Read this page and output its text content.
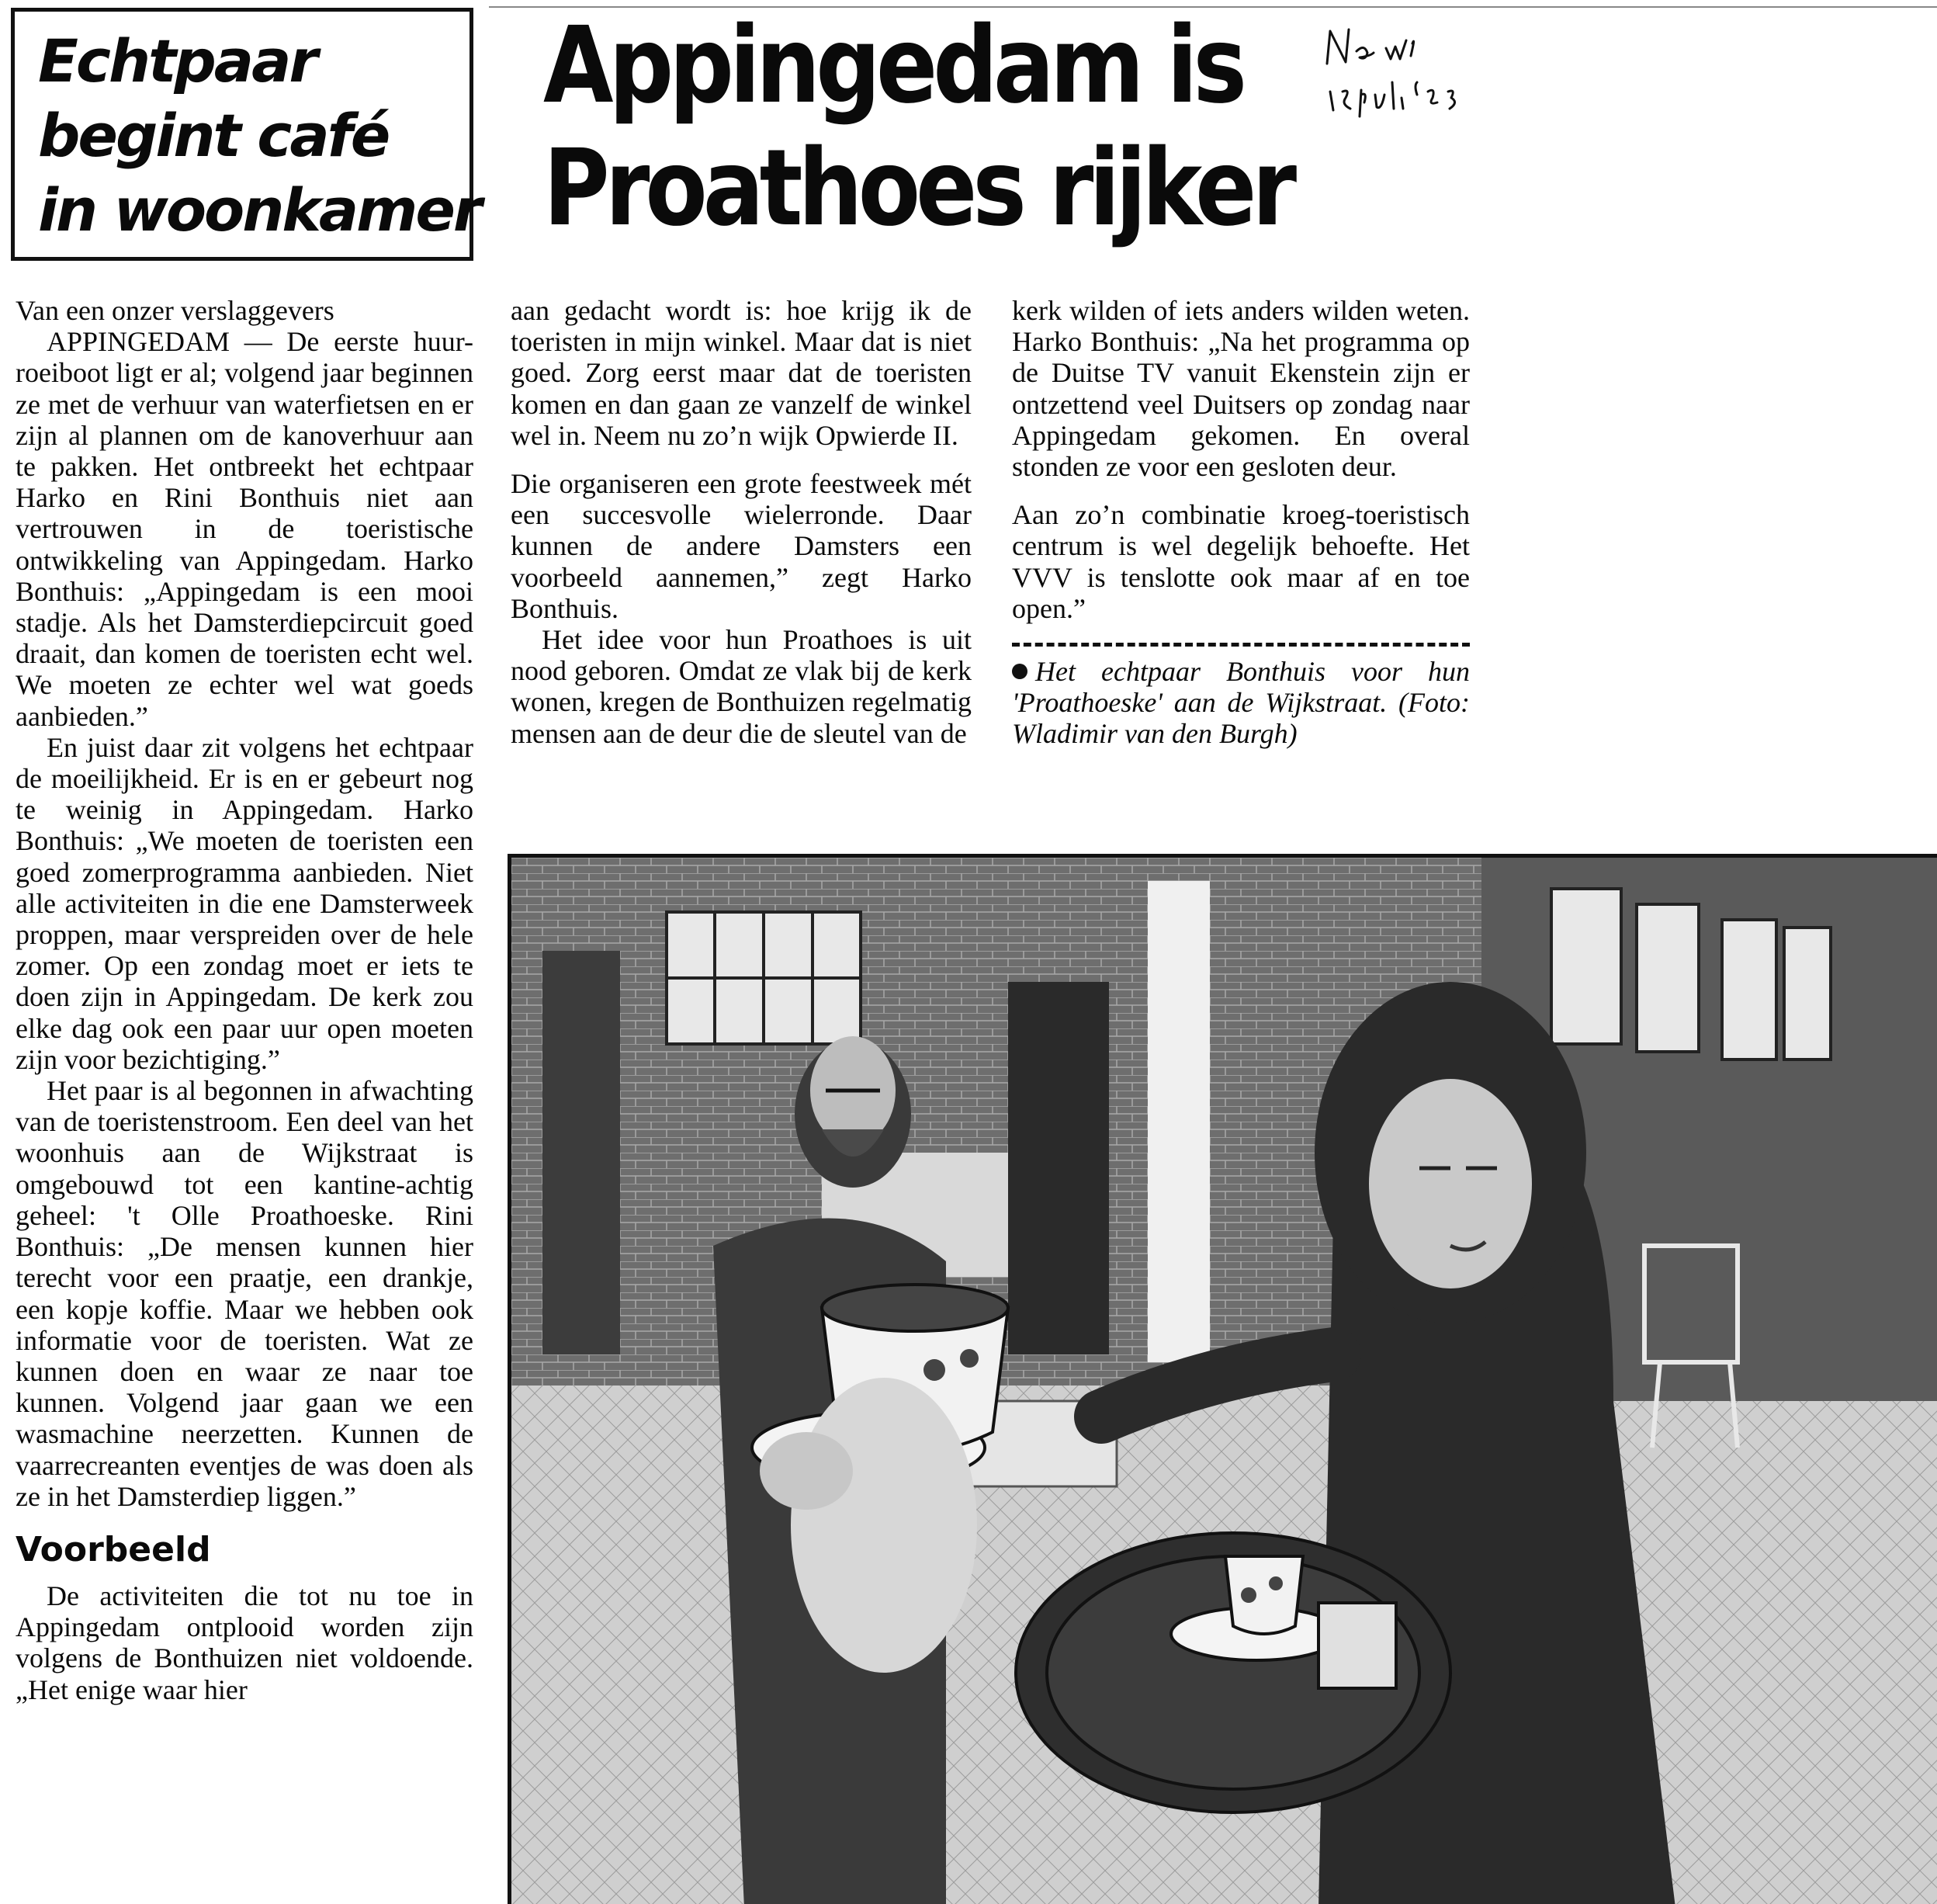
Echtpaar
begint café
in woonkamer
Appingedam is
Proathoes rijker

Van een onzer verslaggevers

APPINGEDAM — De eerste huur-roeiboot ligt er al; volgend jaar beginnen ze met de verhuur van waterfietsen en er zijn al plannen om de kanoverhuur aan te pakken. Het ontbreekt het echtpaar Harko en Rini Bonthuis niet aan vertrouwen in de toeristische ontwikkeling van Appingedam. Harko Bonthuis: „Appingedam is een mooi stadje. Als het Damsterdiepcircuit goed draait, dan komen de toeristen echt wel. We moeten ze echter wel wat goeds aanbieden.”

En juist daar zit volgens het echtpaar de moeilijkheid. Er is en er gebeurt nog te weinig in Appingedam. Harko Bonthuis: „We moeten de toeristen een goed zomerprogramma aanbieden. Niet alle activiteiten in die ene Damsterweek proppen, maar verspreiden over de hele zomer. Op een zondag moet er iets te doen zijn in Appingedam. De kerk zou elke dag ook een paar uur open moeten zijn voor bezichtiging.”

Het paar is al begonnen in afwachting van de toeristenstroom. Een deel van het woonhuis aan de Wijkstraat is omgebouwd tot een kantine-achtig geheel: 't Olle Proathoeske. Rini Bonthuis: „De mensen kunnen hier terecht voor een praatje, een drankje, een kopje koffie. Maar we hebben ook informatie voor de toeristen. Wat ze kunnen doen en waar ze naar toe kunnen. Volgend jaar gaan we een wasmachine neerzetten. Kunnen de vaarrecreanten eventjes de was doen als ze in het Damsterdiep liggen.”

Voorbeeld

De activiteiten die tot nu toe in Appingedam ontplooid worden zijn volgens de Bonthuizen niet voldoende. „Het enige waar hier

aan gedacht wordt is: hoe krijg ik de toeristen in mijn winkel. Maar dat is niet goed. Zorg eerst maar dat de toeristen komen en dan gaan ze vanzelf de winkel wel in. Neem nu zo’n wijk Opwierde II.

Die organiseren een grote feestweek mét een succesvolle wielerronde. Daar kunnen de andere Damsters een voorbeeld aannemen,” zegt Harko Bonthuis.

Het idee voor hun Proathoes is uit nood geboren. Omdat ze vlak bij de kerk wonen, kregen de Bonthuizen regelmatig mensen aan de deur die de sleutel van de

kerk wilden of iets anders wilden weten. Harko Bonthuis: „Na het programma op de Duitse TV vanuit Ekenstein zijn er ontzettend veel Duitsers op zondag naar Appingedam gekomen. En overal stonden ze voor een gesloten deur.

Aan zo’n combinatie kroeg-toeristisch centrum is wel degelijk behoefte. Het VVV is tenslotte ook maar af en toe open.”

Het echtpaar Bonthuis voor hun 'Proathoeske' aan de Wijkstraat. (Foto: Wladimir van den Burgh)
